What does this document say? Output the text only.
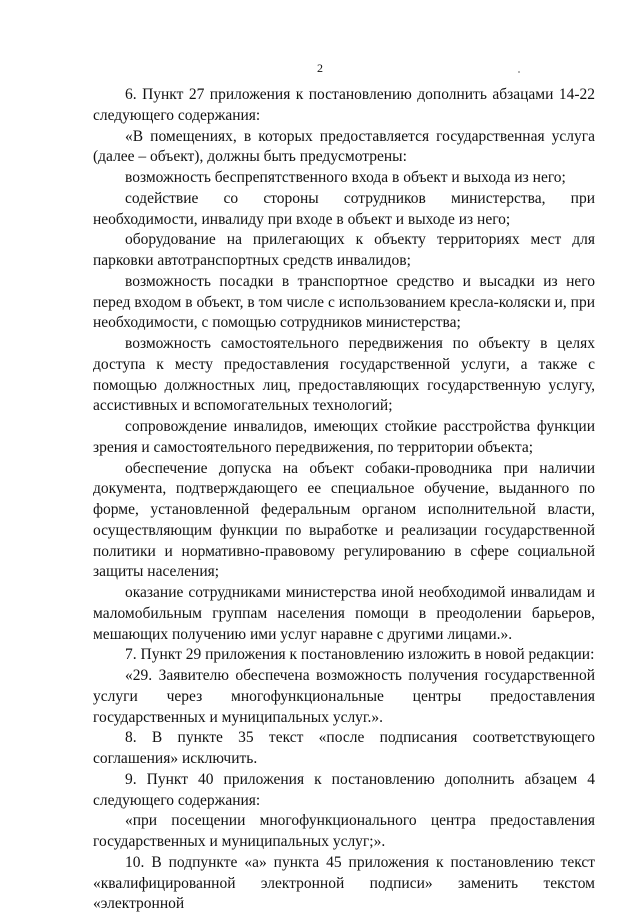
2

6. Пункт 27 приложения к постановлению дополнить абзацами 14-22 следующего содержания:

«В помещениях, в которых предоставляется государственная услуга (далее – объект), должны быть предусмотрены:

возможность беспрепятственного входа в объект и выхода из него;

содействие со стороны сотрудников министерства, при необходимости, инвалиду при входе в объект и выходе из него;

оборудование на прилегающих к объекту территориях мест для парковки автотранспортных средств инвалидов;

возможность посадки в транспортное средство и высадки из него перед входом в объект, в том числе с использованием кресла-коляски и, при необходимости, с помощью сотрудников министерства;

возможность самостоятельного передвижения по объекту в целях доступа к месту предоставления государственной услуги, а также с помощью должностных лиц, предоставляющих государственную услугу, ассистивных и вспомогательных технологий;

сопровождение инвалидов, имеющих стойкие расстройства функции зрения и самостоятельного передвижения, по территории объекта;

обеспечение допуска на объект собаки-проводника при наличии документа, подтверждающего ее специальное обучение, выданного по форме, установленной федеральным органом исполнительной власти, осуществляющим функции по выработке и реализации государственной политики и нормативно-правовому регулированию в сфере социальной защиты населения;

оказание сотрудниками министерства иной необходимой инвалидам и маломобильным группам населения помощи в преодолении барьеров, мешающих получению ими услуг наравне с другими лицами.».

7. Пункт 29 приложения к постановлению изложить в новой редакции:

«29. Заявителю обеспечена возможность получения государственной услуги через многофункциональные центры предоставления государственных и муниципальных услуг.».

8. В пункте 35 текст «после подписания соответствующего соглашения» исключить.

9. Пункт 40 приложения к постановлению дополнить абзацем 4 следующего содержания:

«при посещении многофункционального центра предоставления государственных и муниципальных услуг;».

10. В подпункте «а» пункта 45 приложения к постановлению текст «квалифицированной электронной подписи» заменить текстом «электронной
